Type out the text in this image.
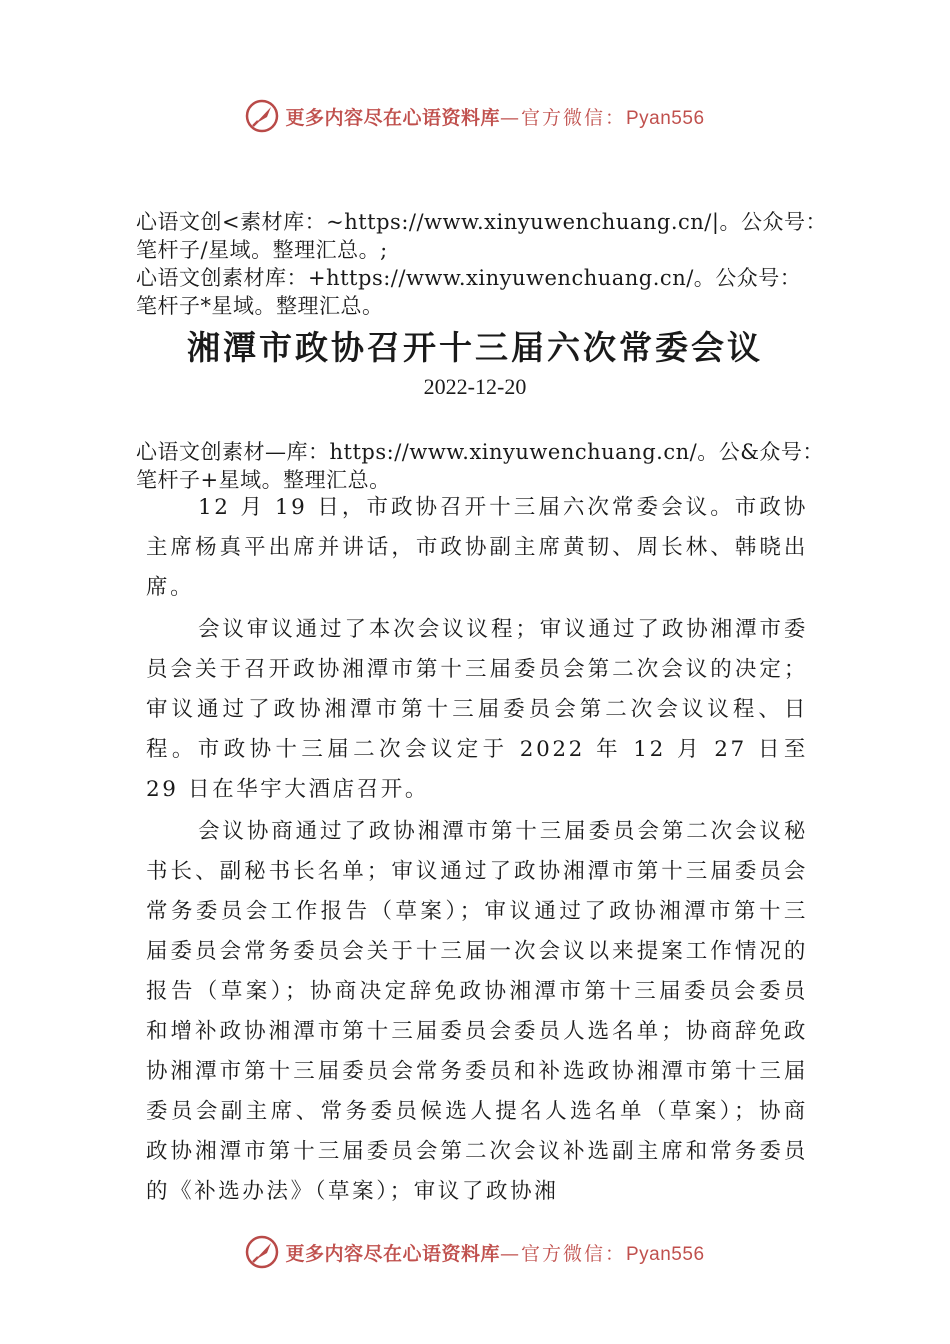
更多内容尽在心语资料库—官方微信：Pyan556
心语文创<素材库：~https://www.xinyuwenchuang.cn/|。公众号：
笔杆子/星域。整理汇总。;
心语文创素材库：+https://www.xinyuwenchuang.cn/。公众号：
笔杆子*星域。整理汇总。
湘潭市政协召开十三届六次常委会议
2022-12-20
心语文创素材—库：https://www.xinyuwenchuang.cn/。公&众号：
笔杆子+星域。整理汇总。

12 月 19 日，市政协召开十三届六次常委会议。市政协主席杨真平出席并讲话，市政协副主席黄韧、周长林、韩晓出席。

会议审议通过了本次会议议程；审议通过了政协湘潭市委员会关于召开政协湘潭市第十三届委员会第二次会议的决定；审议通过了政协湘潭市第十三届委员会第二次会议议程、日程。市政协十三届二次会议定于 2022 年 12 月 27 日至 29 日在华宇大酒店召开。

会议协商通过了政协湘潭市第十三届委员会第二次会议秘书长、副秘书长名单；审议通过了政协湘潭市第十三届委员会常务委员会工作报告（草案）；审议通过了政协湘潭市第十三届委员会常务委员会关于十三届一次会议以来提案工作情况的报告（草案）；协商决定辞免政协湘潭市第十三届委员会委员和增补政协湘潭市第十三届委员会委员人选名单；协商辞免政协湘潭市第十三届委员会常务委员和补选政协湘潭市第十三届委员会副主席、常务委员候选人提名人选名单（草案）；协商政协湘潭市第十三届委员会第二次会议补选副主席和常务委员的《补选办法》（草案）；审议了政协湘

更多内容尽在心语资料库—官方微信：Pyan556
